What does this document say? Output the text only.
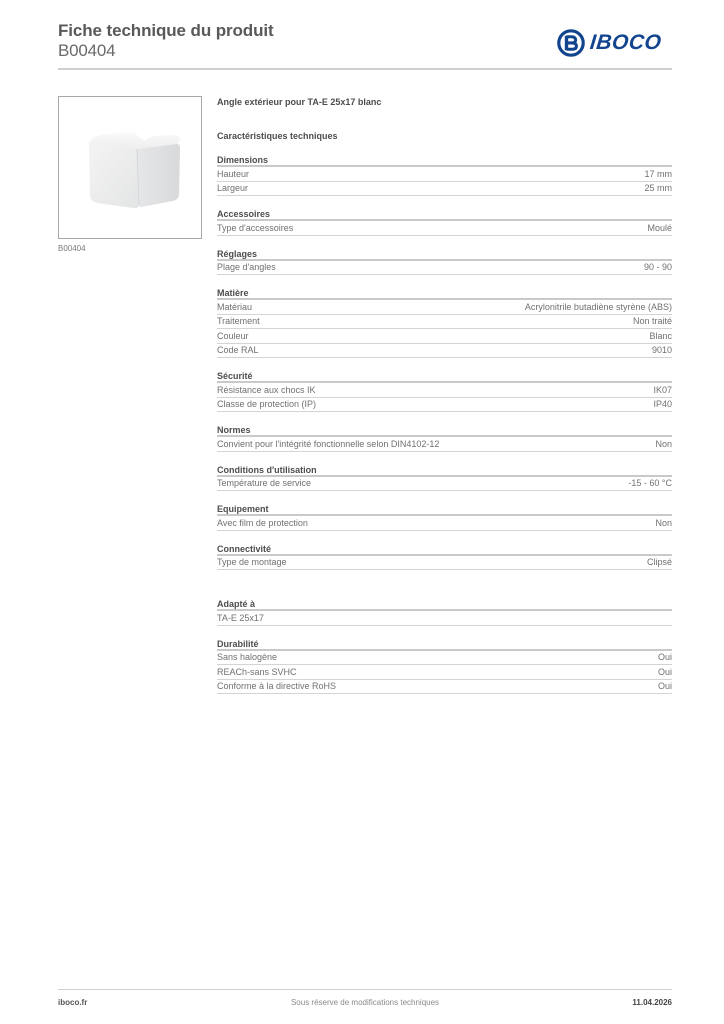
Fiche technique du produit
B00404	IBOCO
B00404
Angle extérieur pour TA-E 25x17 blanc
Caractéristiques techniques
Dimensions
Hauteur	17 mm
Largeur	25 mm
Accessoires
Type d'accessoires	Moulé
Réglages
Plage d'angles	90 - 90
Matière
Matériau	Acrylonitrile butadiène styrène (ABS)
Traitement	Non traité
Couleur	Blanc
Code RAL	9010
Sécurité
Résistance aux chocs IK	IK07
Classe de protection (IP)	IP40
Normes
Convient pour l'intégrité fonctionnelle selon DIN4102-12	Non
Conditions d'utilisation
Température de service	-15 - 60 °C
Equipement
Avec film de protection	Non
Connectivité
Type de montage	Clipsé
Adapté à
TA-E 25x17
Durabilité
Sans halogène	Oui
REACh-sans SVHC	Oui
Conforme à la directive RoHS	Oui
iboco.fr	Sous réserve de modifications techniques	11.04.2026
